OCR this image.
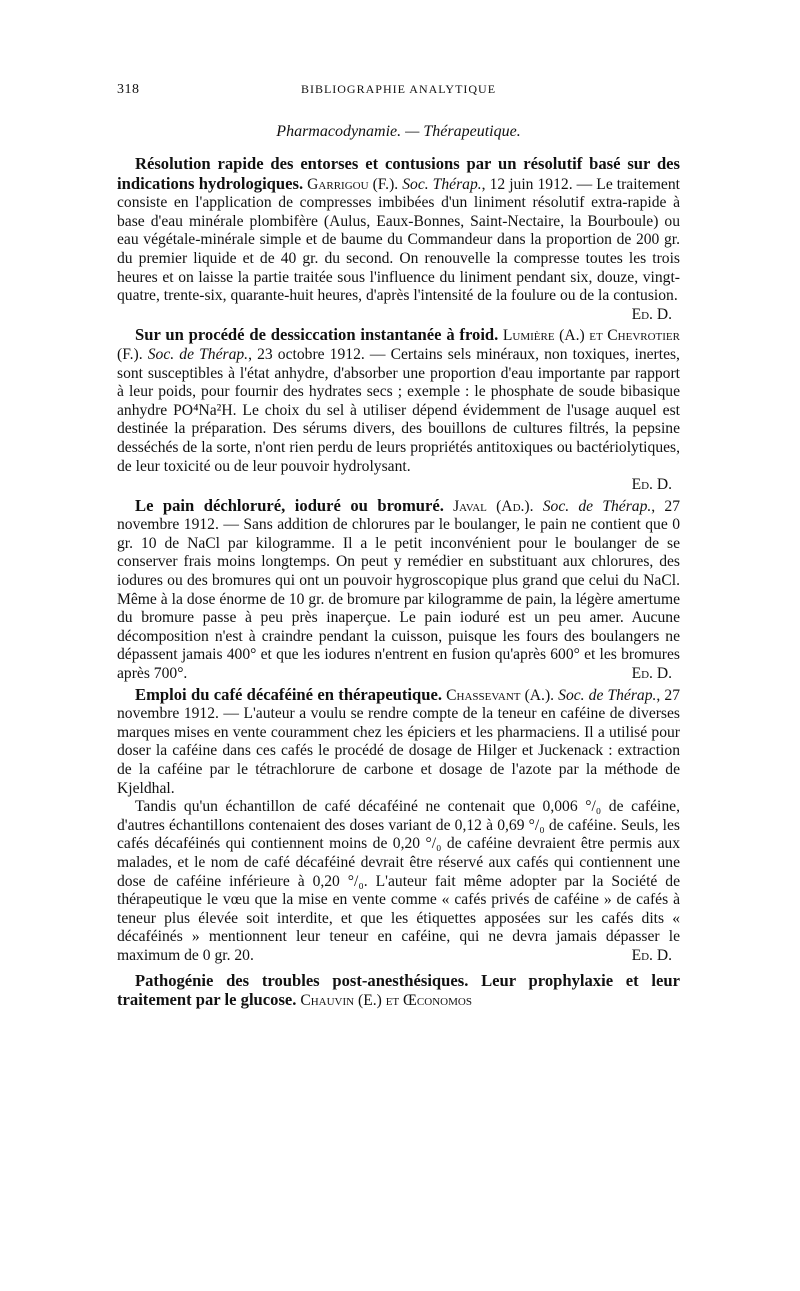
318	BIBLIOGRAPHIE ANALYTIQUE
Pharmacodynamie. — Thérapeutique.

Résolution rapide des entorses et contusions par un résolutif basé sur des indications hydrologiques. Garrigou (F.). Soc. Thérap., 12 juin 1912. — Le traitement consiste en l'application de compresses imbibées d'un liniment résolutif extra-rapide à base d'eau minérale plombifère (Aulus, Eaux-Bonnes, Saint-Nectaire, la Bourboule) ou eau végétale-minérale simple et de baume du Commandeur dans la proportion de 200 gr. du premier liquide et de 40 gr. du second. On renouvelle la compresse toutes les trois heures et on laisse la partie traitée sous l'influence du liniment pendant six, douze, vingt-quatre, trente-six, quarante-huit heures, d'après l'intensité de la foulure ou de la contusion.
Ed. D.

Sur un procédé de dessiccation instantanée à froid. Lumière (A.) et Chevrotier (F.). Soc. de Thérap., 23 octobre 1912. — Certains sels minéraux, non toxiques, inertes, sont susceptibles à l'état anhydre, d'absorber une proportion d'eau importante par rapport à leur poids, pour fournir des hydrates secs ; exemple : le phosphate de soude bibasique anhydre PO⁴Na²H. Le choix du sel à utiliser dépend évidemment de l'usage auquel est destinée la préparation. Des sérums divers, des bouillons de cultures filtrés, la pepsine desséchés de la sorte, n'ont rien perdu de leurs propriétés antitoxiques ou bactériolytiques, de leur toxicité ou de leur pouvoir hydrolysant.

Ed. D.

Le pain déchloruré, ioduré ou bromuré. Javal (Ad.). Soc. de Thérap., 27 novembre 1912. — Sans addition de chlorures par le boulanger, le pain ne contient que 0 gr. 10 de NaCl par kilogramme. Il a le petit inconvénient pour le boulanger de se conserver frais moins longtemps. On peut y remédier en substituant aux chlorures, des iodures ou des bromures qui ont un pouvoir hygroscopique plus grand que celui du NaCl. Même à la dose énorme de 10 gr. de bromure par kilogramme de pain, la légère amertume du bromure passe à peu près inaperçue. Le pain ioduré est un peu amer. Aucune décomposition n'est à craindre pendant la cuisson, puisque les fours des boulangers ne dépassent jamais 400° et que les iodures n'entrent en fusion qu'après 600° et les bromures après 700°.	Ed. D.

Emploi du café décaféiné en thérapeutique. Chassevant (A.). Soc. de Thérap., 27 novembre 1912. — L'auteur a voulu se rendre compte de la teneur en caféine de diverses marques mises en vente couramment chez les épiciers et les pharmaciens. Il a utilisé pour doser la caféine dans ces cafés le procédé de dosage de Hilger et Juckenack : extraction de la caféine par le tétrachlorure de carbone et dosage de l'azote par la méthode de Kjeldhal.

Tandis qu'un échantillon de café décaféiné ne contenait que 0,006 °/₀ de caféine, d'autres échantillons contenaient des doses variant de 0,12 à 0,69 °/₀ de caféine. Seuls, les cafés décaféinés qui contiennent moins de 0,20 °/₀ de caféine devraient être permis aux malades, et le nom de café décaféiné devrait être réservé aux cafés qui contiennent une dose de caféine inférieure à 0,20 °/₀. L'auteur fait même adopter par la Société de thérapeutique le vœu que la mise en vente comme « cafés privés de caféine » de cafés à teneur plus élevée soit interdite, et que les étiquettes apposées sur les cafés dits « décaféinés » mentionnent leur teneur en caféine, qui ne devra jamais dépasser le maximum de 0 gr. 20.	Ed. D.

Pathogénie des troubles post-anesthésiques. Leur prophylaxie et leur traitement par le glucose. Chauvin (E.) et Œconomos
